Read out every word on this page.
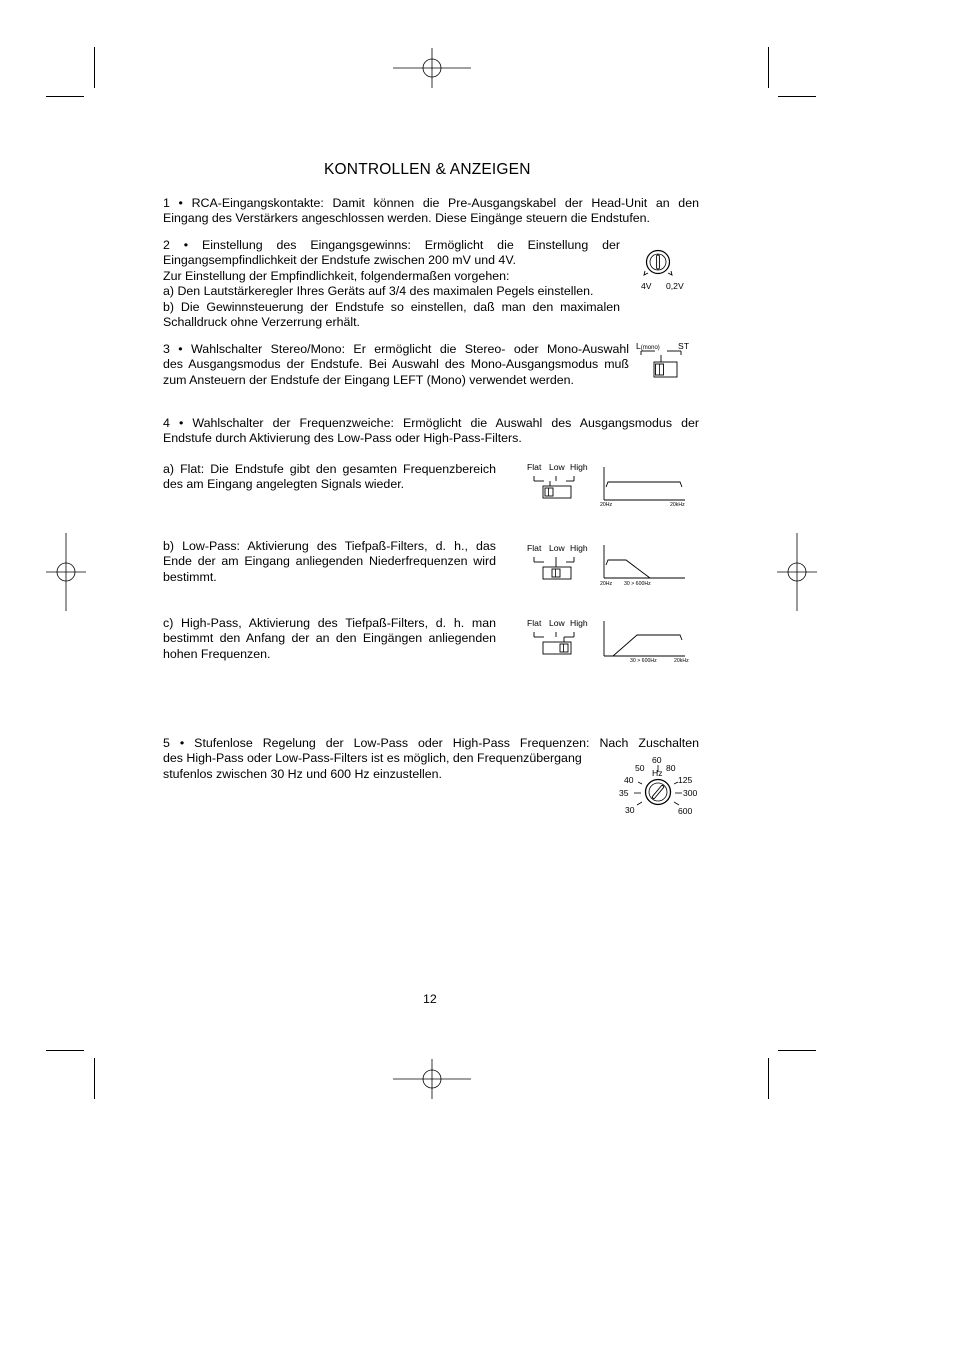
KONTROLLEN & ANZEIGEN
1 • RCA-Eingangskontakte: Damit können die Pre-Ausgangskabel der Head-Unit an den
Eingang des Verstärkers angeschlossen werden. Diese Eingänge steuern die Endstufen.
2 • Einstellung des Eingangsgewinns: Ermöglicht die Einstellung der
Eingangsempfindlichkeit der Endstufe zwischen 200 mV und 4V.
Zur Einstellung der Empfindlichkeit, folgendermaßen vorgehen:
a) Den Lautstärkeregler Ihres Geräts auf 3/4 des maximalen Pegels einstellen.
b) Die Gewinnsteuerung der Endstufe so einstellen, daß man den maximalen
Schalldruck ohne Verzerrung erhält.
4V 0,2V
3 • Wahlschalter Stereo/Mono: Er ermöglicht die Stereo- oder Mono-Auswahl
des Ausgangsmodus der Endstufe. Bei Auswahl des Mono-Ausgangsmodus muß
zum Ansteuern der Endstufe der Eingang LEFT (Mono) verwendet werden.
L(mono) ST
4 • Wahlschalter der Frequenzweiche: Ermöglicht die Auswahl des Ausgangsmodus der
Endstufe durch Aktivierung des Low-Pass oder High-Pass-Filters.
a) Flat: Die Endstufe gibt den gesamten Frequenzbereich
des am Eingang angelegten Signals wieder.
Flat Low High
20Hz	20kHz
b) Low-Pass: Aktivierung des Tiefpaß-Filters, d. h., das
Ende der am Eingang anliegenden Niederfrequenzen wird
bestimmt.
Flat Low High
20Hz 30 > 600Hz
c) High-Pass, Aktivierung des Tiefpaß-Filters, d. h. man
bestimmt den Anfang der an den Eingängen anliegenden
hohen Frequenzen.
Flat Low High
30 > 600Hz	20kHz
5 • Stufenlose Regelung der Low-Pass oder High-Pass Frequenzen: Nach Zuschalten
des High-Pass oder Low-Pass-Filters ist es möglich, den Frequenzübergang
stufenlos zwischen 30 Hz und 600 Hz einzustellen.
60
50 80
Hz
40	125
35	300
30	600
12
